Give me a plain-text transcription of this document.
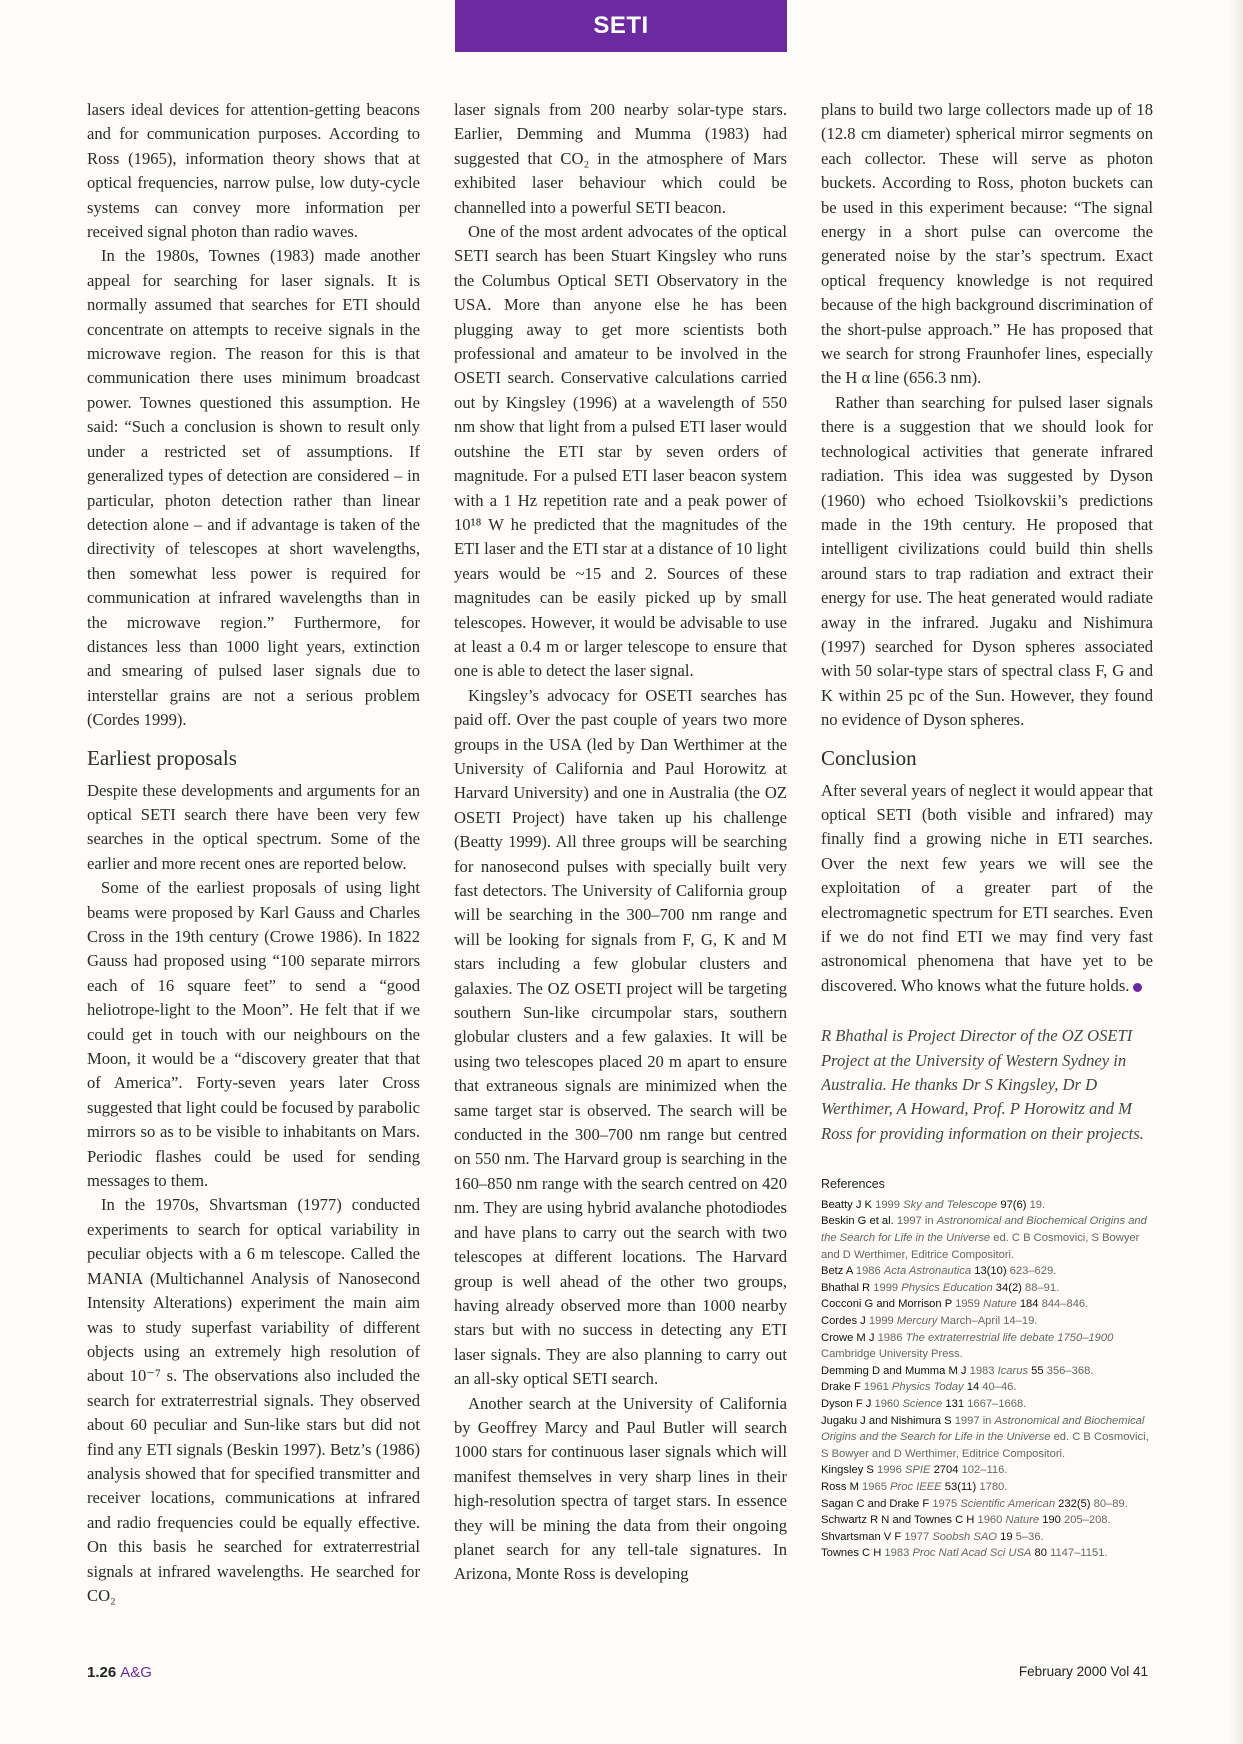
SETI

lasers ideal devices for attention-getting beacons and for communication purposes. According to Ross (1965), information theory shows that at optical frequencies, narrow pulse, low duty-cycle systems can convey more information per received signal photon than radio waves.

In the 1980s, Townes (1983) made another appeal for searching for laser signals. It is normally assumed that searches for ETI should concentrate on attempts to receive signals in the microwave region. The reason for this is that communication there uses minimum broadcast power. Townes questioned this assumption. He said: “Such a conclusion is shown to result only under a restricted set of assumptions. If generalized types of detection are considered – in particular, photon detection rather than linear detection alone – and if advantage is taken of the directivity of telescopes at short wavelengths, then somewhat less power is required for communication at infrared wavelengths than in the microwave region.” Furthermore, for distances less than 1000 light years, extinction and smearing of pulsed laser signals due to interstellar grains are not a serious problem (Cordes 1999).

Earliest proposals

Despite these developments and arguments for an optical SETI search there have been very few searches in the optical spectrum. Some of the earlier and more recent ones are reported below.

Some of the earliest proposals of using light beams were proposed by Karl Gauss and Charles Cross in the 19th century (Crowe 1986). In 1822 Gauss had proposed using “100 separate mirrors each of 16 square feet” to send a “good heliotrope-light to the Moon”. He felt that if we could get in touch with our neighbours on the Moon, it would be a “discovery greater that that of America”. Forty-seven years later Cross suggested that light could be focused by parabolic mirrors so as to be visible to inhabitants on Mars. Periodic flashes could be used for sending messages to them.

In the 1970s, Shvartsman (1977) conducted experiments to search for optical variability in peculiar objects with a 6 m telescope. Called the MANIA (Multichannel Analysis of Nanosecond Intensity Alterations) experiment the main aim was to study superfast variability of different objects using an extremely high resolution of about 10⁻⁷ s. The observations also included the search for extraterrestrial signals. They observed about 60 peculiar and Sun-like stars but did not find any ETI signals (Beskin 1997). Betz’s (1986) analysis showed that for specified transmitter and receiver locations, communications at infrared and radio frequencies could be equally effective. On this basis he searched for extraterrestrial signals at infrared wavelengths. He searched for CO₂

laser signals from 200 nearby solar-type stars. Earlier, Demming and Mumma (1983) had suggested that CO₂ in the atmosphere of Mars exhibited laser behaviour which could be channelled into a powerful SETI beacon.

One of the most ardent advocates of the optical SETI search has been Stuart Kingsley who runs the Columbus Optical SETI Observatory in the USA. More than anyone else he has been plugging away to get more scientists both professional and amateur to be involved in the OSETI search. Conservative calculations carried out by Kingsley (1996) at a wavelength of 550 nm show that light from a pulsed ETI laser would outshine the ETI star by seven orders of magnitude. For a pulsed ETI laser beacon system with a 1 Hz repetition rate and a peak power of 10¹⁸ W he predicted that the magnitudes of the ETI laser and the ETI star at a distance of 10 light years would be ~15 and 2. Sources of these magnitudes can be easily picked up by small telescopes. However, it would be advisable to use at least a 0.4 m or larger telescope to ensure that one is able to detect the laser signal.

Kingsley’s advocacy for OSETI searches has paid off. Over the past couple of years two more groups in the USA (led by Dan Werthimer at the University of California and Paul Horowitz at Harvard University) and one in Australia (the OZ OSETI Project) have taken up his challenge (Beatty 1999). All three groups will be searching for nanosecond pulses with specially built very fast detectors. The University of California group will be searching in the 300–700 nm range and will be looking for signals from F, G, K and M stars including a few globular clusters and galaxies. The OZ OSETI project will be targeting southern Sun-like circumpolar stars, southern globular clusters and a few galaxies. It will be using two telescopes placed 20 m apart to ensure that extraneous signals are minimized when the same target star is observed. The search will be conducted in the 300–700 nm range but centred on 550 nm. The Harvard group is searching in the 160–850 nm range with the search centred on 420 nm. They are using hybrid avalanche photodiodes and have plans to carry out the search with two telescopes at different locations. The Harvard group is well ahead of the other two groups, having already observed more than 1000 nearby stars but with no success in detecting any ETI laser signals. They are also planning to carry out an all-sky optical SETI search.

Another search at the University of California by Geoffrey Marcy and Paul Butler will search 1000 stars for continuous laser signals which will manifest themselves in very sharp lines in their high-resolution spectra of target stars. In essence they will be mining the data from their ongoing planet search for any tell-tale signatures. In Arizona, Monte Ross is developing

plans to build two large collectors made up of 18 (12.8 cm diameter) spherical mirror segments on each collector. These will serve as photon buckets. According to Ross, photon buckets can be used in this experiment because: “The signal energy in a short pulse can overcome the generated noise by the star’s spectrum. Exact optical frequency knowledge is not required because of the high background discrimination of the short-pulse approach.” He has proposed that we search for strong Fraunhofer lines, especially the H α line (656.3 nm).

Rather than searching for pulsed laser signals there is a suggestion that we should look for technological activities that generate infrared radiation. This idea was suggested by Dyson (1960) who echoed Tsiolkovskii’s predictions made in the 19th century. He proposed that intelligent civilizations could build thin shells around stars to trap radiation and extract their energy for use. The heat generated would radiate away in the infrared. Jugaku and Nishimura (1997) searched for Dyson spheres associated with 50 solar-type stars of spectral class F, G and K within 25 pc of the Sun. However, they found no evidence of Dyson spheres.

Conclusion

After several years of neglect it would appear that optical SETI (both visible and infrared) may finally find a growing niche in ETI searches. Over the next few years we will see the exploitation of a greater part of the electromagnetic spectrum for ETI searches. Even if we do not find ETI we may find very fast astronomical phenomena that have yet to be discovered. Who knows what the future holds.

R Bhathal is Project Director of the OZ OSETI Project at the University of Western Sydney in Australia. He thanks Dr S Kingsley, Dr D Werthimer, A Howard, Prof. P Horowitz and M Ross for providing information on their projects.

References
Beatty J K 1999 Sky and Telescope 97(6) 19.
Beskin G et al. 1997 in Astronomical and Biochemical Origins and the Search for Life in the Universe ed. C B Cosmovici, S Bowyer and D Werthimer, Editrice Compositori.
Betz A 1986 Acta Astronautica 13(10) 623–629.
Bhathal R 1999 Physics Education 34(2) 88–91.
Cocconi G and Morrison P 1959 Nature 184 844–846.
Cordes J 1999 Mercury March–April 14–19.
Crowe M J 1986 The extraterrestrial life debate 1750–1900 Cambridge University Press.
Demming D and Mumma M J 1983 Icarus 55 356–368.
Drake F 1961 Physics Today 14 40–46.
Dyson F J 1960 Science 131 1667–1668.
Jugaku J and Nishimura S 1997 in Astronomical and Biochemical Origins and the Search for Life in the Universe ed. C B Cosmovici, S Bowyer and D Werthimer, Editrice Compositori.
Kingsley S 1996 SPIE 2704 102–116.
Ross M 1965 Proc IEEE 53(11) 1780.
Sagan C and Drake F 1975 Scientific American 232(5) 80–89.
Schwartz R N and Townes C H 1960 Nature 190 205–208.
Shvartsman V F 1977 Soobsh SAO 19 5–36.
Townes C H 1983 Proc Natl Acad Sci USA 80 1147–1151.
1.26 A&G	February 2000 Vol 41
